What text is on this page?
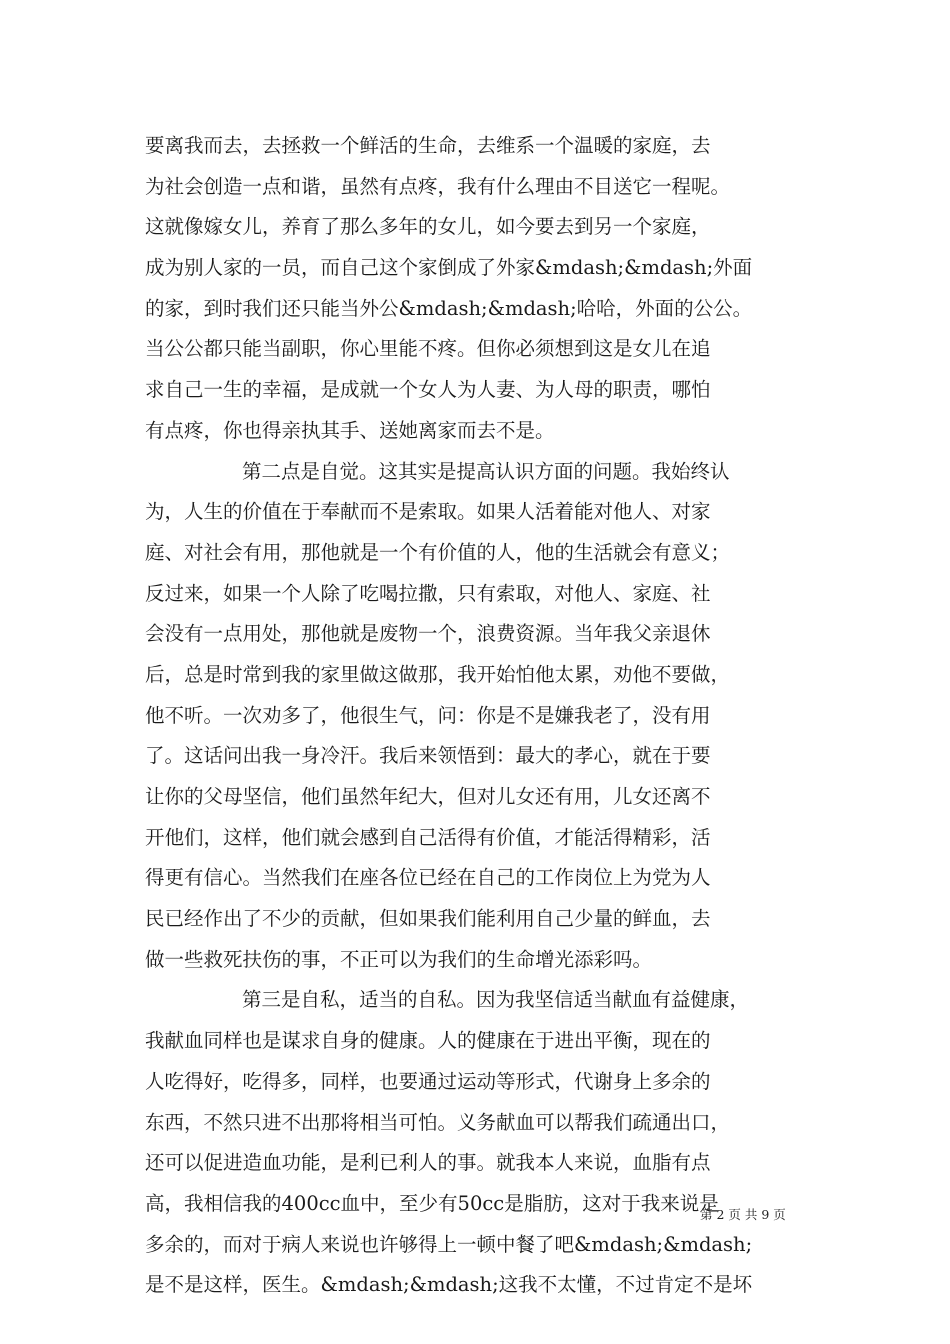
要离我而去，去拯救一个鲜活的生命，去维系一个温暖的家庭，去
为社会创造一点和谐，虽然有点疼，我有什么理由不目送它一程呢。
这就像嫁女儿，养育了那么多年的女儿，如今要去到另一个家庭，
成为别人家的一员，而自己这个家倒成了外家&mdash;&mdash;外面
的家，到时我们还只能当外公&mdash;&mdash;哈哈，外面的公公。
当公公都只能当副职，你心里能不疼。但你必须想到这是女儿在追
求自己一生的幸福，是成就一个女人为人妻、为人母的职责，哪怕
有点疼，你也得亲执其手、送她离家而去不是。
第二点是自觉。这其实是提高认识方面的问题。我始终认
为，人生的价值在于奉献而不是索取。如果人活着能对他人、对家
庭、对社会有用，那他就是一个有价值的人，他的生活就会有意义；
反过来，如果一个人除了吃喝拉撒，只有索取，对他人、家庭、社
会没有一点用处，那他就是废物一个，浪费资源。当年我父亲退休
后，总是时常到我的家里做这做那，我开始怕他太累，劝他不要做，
他不听。一次劝多了，他很生气，问：你是不是嫌我老了，没有用
了。这话问出我一身冷汗。我后来领悟到：最大的孝心，就在于要
让你的父母坚信，他们虽然年纪大，但对儿女还有用，儿女还离不
开他们，这样，他们就会感到自己活得有价值，才能活得精彩，活
得更有信心。当然我们在座各位已经在自己的工作岗位上为党为人
民已经作出了不少的贡献，但如果我们能利用自己少量的鲜血，去
做一些救死扶伤的事，不正可以为我们的生命增光添彩吗。
第三是自私，适当的自私。因为我坚信适当献血有益健康，
我献血同样也是谋求自身的健康。人的健康在于进出平衡，现在的
人吃得好，吃得多，同样，也要通过运动等形式，代谢身上多余的
东西，不然只进不出那将相当可怕。义务献血可以帮我们疏通出口，
还可以促进造血功能，是利已利人的事。就我本人来说，血脂有点
高，我相信我的400cc血中，至少有50cc是脂肪，这对于我来说是
多余的，而对于病人来说也许够得上一顿中餐了吧&mdash;&mdash;
是不是这样，医生。&mdash;&mdash;这我不太懂，不过肯定不是坏
第 2 页 共 9 页
